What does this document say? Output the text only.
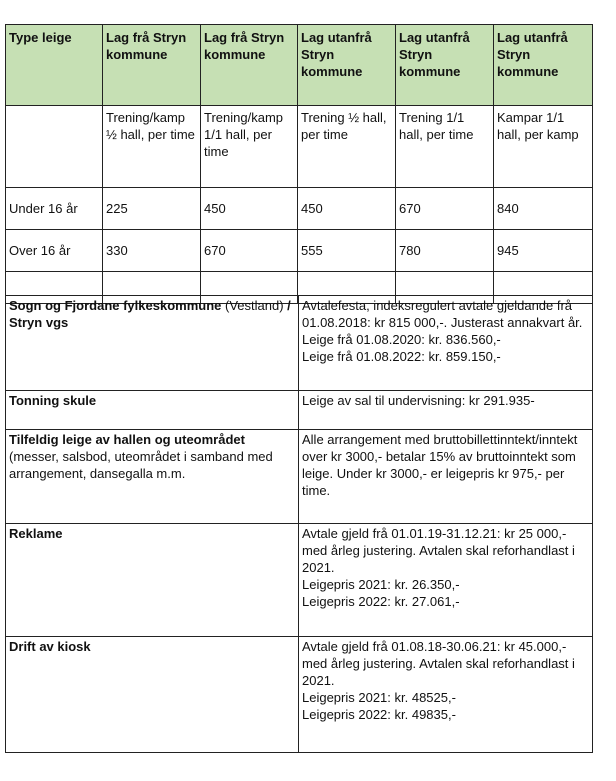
Type leige	Lag frå Stryn kommune	Lag frå Stryn kommune	Lag utanfrå Stryn kommune	Lag utanfrå Stryn kommune	Lag utanfrå Stryn kommune
	Trening/kamp ½ hall, per time	Trening/kamp 1/1 hall, per time	Trening ½ hall, per time	Trening 1/1 hall, per time	Kampar 1/1 hall, per kamp
Under 16 år	225	450	450	670	840
Over 16 år	330	670	555	780	945

Sogn og Fjordane fylkeskommune (Vestland) / Stryn vgs	Avtalefesta, indeksregulert avtale gjeldande frå 01.08.2018: kr 815 000,-. Justerast annakvart år.
Leige frå 01.08.2020: kr. 836.560,-
Leige frå 01.08.2022: kr. 859.150,-

Tonning skule	Leige av sal til undervisning: kr 291.935-

Tilfeldig leige av hallen og uteområdet (messer, salsbod, uteområdet i samband med arrangement, dansegalla m.m.	Alle arrangement med bruttobillettinntekt/inntekt over kr 3000,- betalar 15% av bruttoinntekt som leige. Under kr 3000,- er leigepris kr 975,- per time.

Reklame	Avtale gjeld frå 01.01.19-31.12.21: kr 25 000,- med årleg justering. Avtalen skal reforhandlast i 2021.
Leigepris 2021: kr. 26.350,-
Leigepris 2022: kr. 27.061,-

Drift av kiosk	Avtale gjeld frå 01.08.18-30.06.21: kr 45.000,- med årleg justering. Avtalen skal reforhandlast i 2021.
Leigepris 2021: kr. 48525,-
Leigepris 2022: kr. 49835,-
